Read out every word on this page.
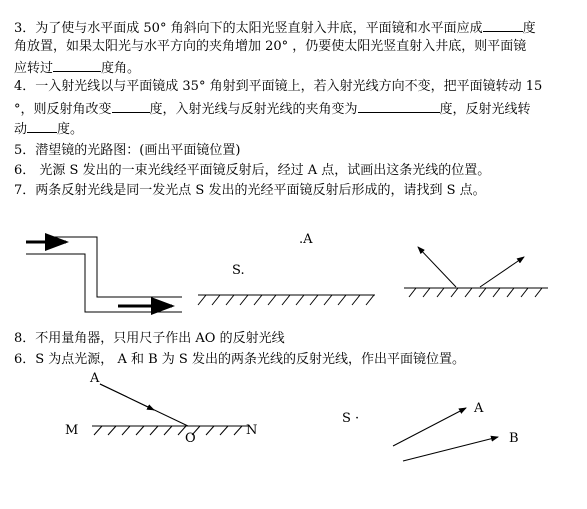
3．为了使与水平面成 50° 角斜向下的太阳光竖直射入井底，平面镜和水平面应成	度
角放置，如果太阳光与水平方向的夹角增加 20° ，仍要使太阳光竖直射入井底，则平面镜
应转过	度角。
4．一入射光线以与平面镜成 35° 角射到平面镜上，若入射光线方向不变，把平面镜转动 15
°，则反射角改变	度，入射光线与反射光线的夹角变为	度，反射光线转
动 度。
5．潜望镜的光路图：(画出平面镜位置)
6． 光源 S 发出的一束光线经平面镜反射后，经过 A 点，试画出这条光线的位置。
7．两条反射光线是同一发光点 S 发出的光经平面镜反射后形成的，请找到 S 点。
.A
S.
8．不用量角器，只用尺子作出 AO 的反射光线
6．S 为点光源， A 和 B 为 S 发出的两条光线的反射光线，作出平面镜位置。
A
M
O
N
S ·
A
B
